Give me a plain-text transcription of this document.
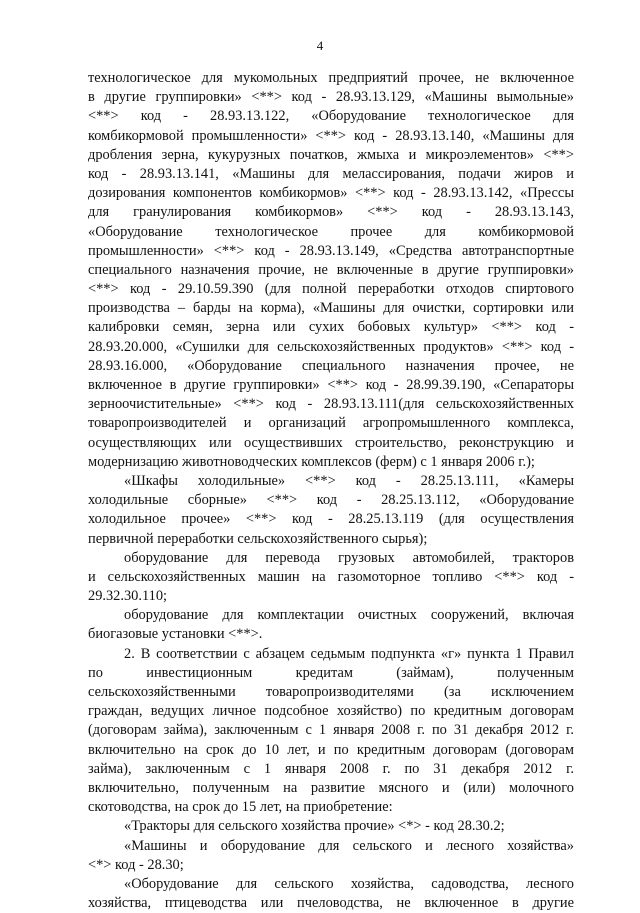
4
технологическое для мукомольных предприятий прочее, не включенное
в другие группировки» <**> код - 28.93.13.129, «Машины вымольные»
<**> код - 28.93.13.122, «Оборудование технологическое для
комбикормовой промышленности» <**> код - 28.93.13.140, «Машины для
дробления зерна, кукурузных початков, жмыха и микроэлементов» <**>
код - 28.93.13.141, «Машины для мелассирования, подачи жиров и
дозирования компонентов комбикормов» <**> код - 28.93.13.142, «Прессы
для гранулирования комбикормов» <**> код - 28.93.13.143,
«Оборудование технологическое прочее для комбикормовой
промышленности» <**> код - 28.93.13.149, «Средства автотранспортные
специального назначения прочие, не включенные в другие группировки»
<**> код - 29.10.59.390 (для полной переработки отходов спиртового
производства – барды на корма), «Машины для очистки, сортировки или
калибровки семян, зерна или сухих бобовых культур» <**> код -
28.93.20.000, «Сушилки для сельскохозяйственных продуктов» <**> код -
28.93.16.000, «Оборудование специального назначения прочее, не
включенное в другие группировки» <**> код - 28.99.39.190, «Сепараторы
зерноочистительные» <**> код - 28.93.13.111(для сельскохозяйственных
товаропроизводителей и организаций агропромышленного комплекса,
осуществляющих или осуществивших строительство, реконструкцию и
модернизацию животноводческих комплексов (ферм) с 1 января 2006 г.);
«Шкафы холодильные» <**> код - 28.25.13.111, «Камеры
холодильные сборные» <**> код - 28.25.13.112, «Оборудование
холодильное прочее» <**> код - 28.25.13.119 (для осуществления
первичной переработки сельскохозяйственного сырья);
оборудование для перевода грузовых автомобилей, тракторов
и сельскохозяйственных машин на газомоторное топливо <**> код -
29.32.30.110;
оборудование для комплектации очистных сооружений, включая
биогазовые установки <**>.
2. В соответствии с абзацем седьмым подпункта «г» пункта 1 Правил
по инвестиционным кредитам (займам), полученным
сельскохозяйственными товаропроизводителями (за исключением
граждан, ведущих личное подсобное хозяйство) по кредитным договорам
(договорам займа), заключенным с 1 января 2008 г. по 31 декабря 2012 г.
включительно на срок до 10 лет, и по кредитным договорам (договорам
займа), заключенным с 1 января 2008 г. по 31 декабря 2012 г.
включительно, полученным на развитие мясного и (или) молочного
скотоводства, на срок до 15 лет, на приобретение:
«Тракторы для сельского хозяйства прочие» <*> - код 28.30.2;
«Машины и оборудование для сельского и лесного хозяйства»
<*> код - 28.30;
«Оборудование для сельского хозяйства, садоводства, лесного
хозяйства, птицеводства или пчеловодства, не включенное в другие
